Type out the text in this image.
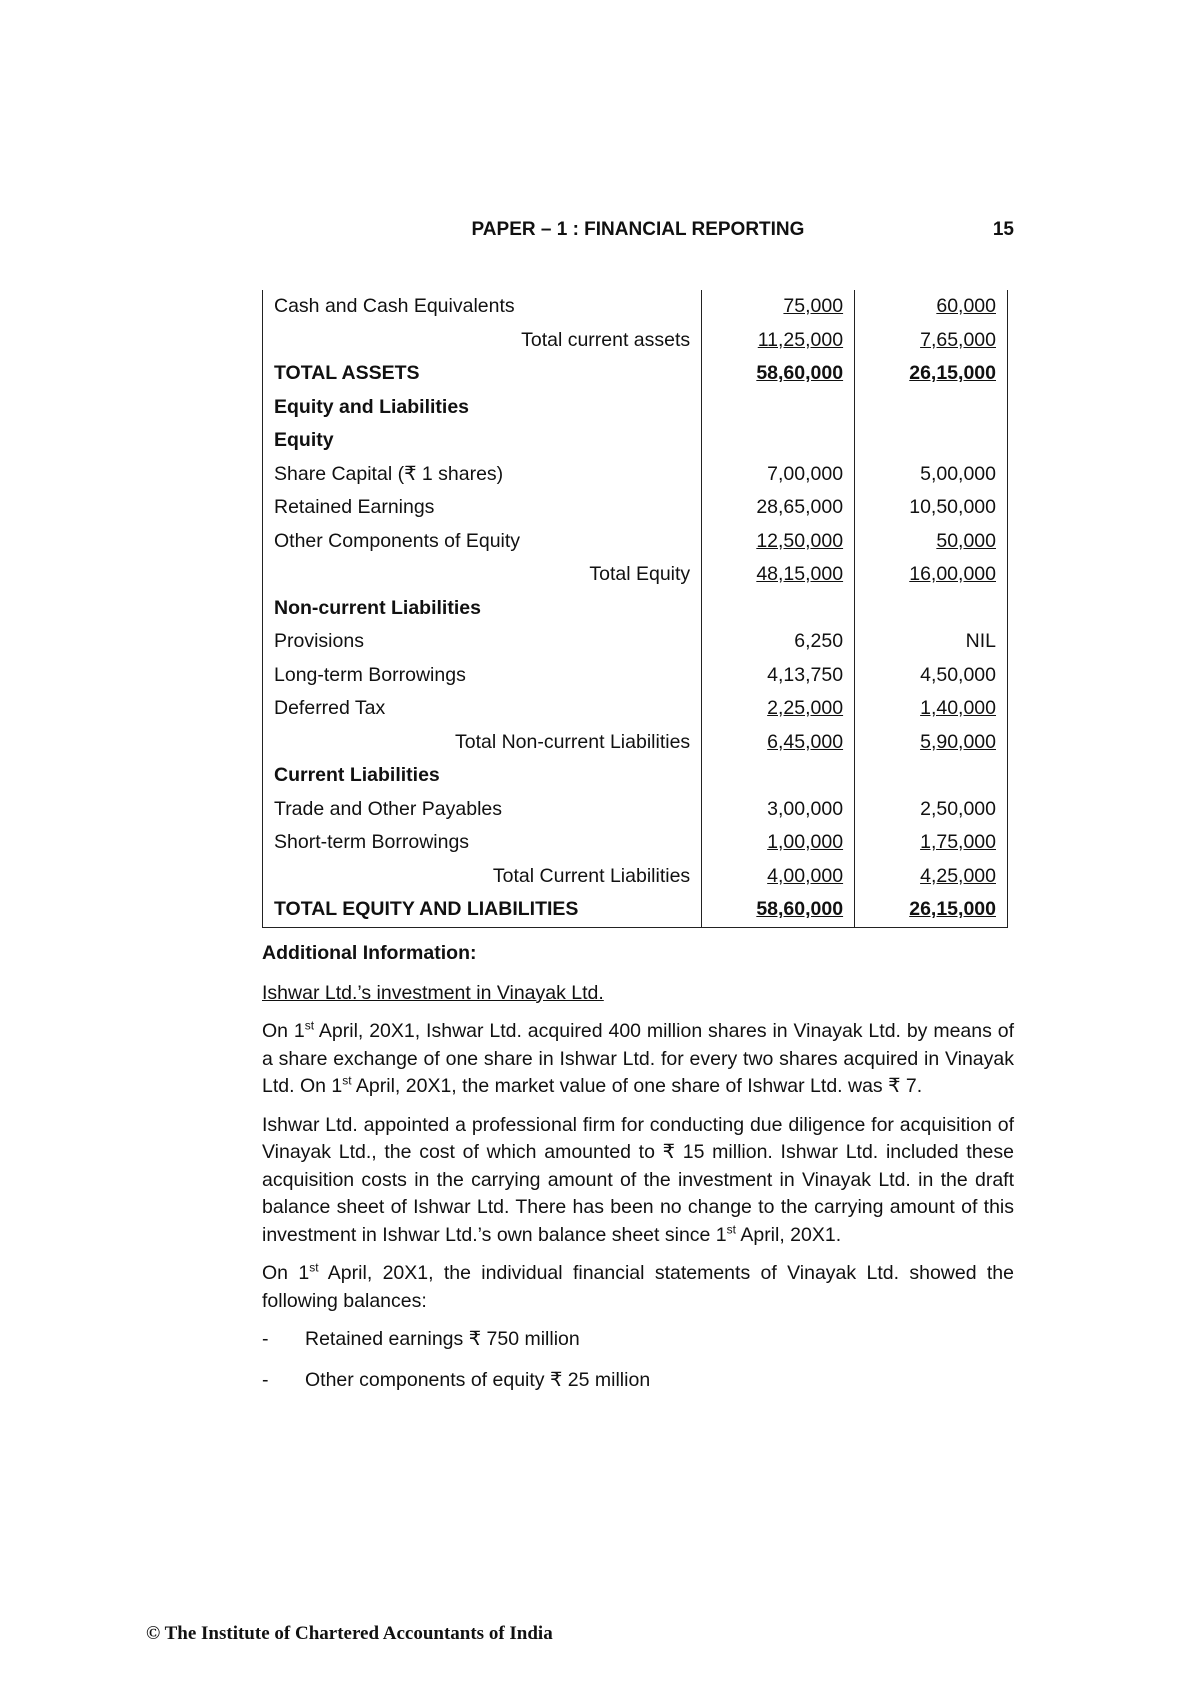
PAPER – 1 : FINANCIAL REPORTING	15
Cash and Cash Equivalents	75,000	60,000
Total current assets	11,25,000	7,65,000
TOTAL ASSETS	58,60,000	26,15,000
Equity and Liabilities		
Equity		
Share Capital (₹ 1 shares)	7,00,000	5,00,000
Retained Earnings	28,65,000	10,50,000
Other Components of Equity	12,50,000	50,000
Total Equity	48,15,000	16,00,000
Non-current Liabilities		
Provisions	6,250	NIL
Long-term Borrowings	4,13,750	4,50,000
Deferred Tax	2,25,000	1,40,000
Total Non-current Liabilities	6,45,000	5,90,000
Current Liabilities		
Trade and Other Payables	3,00,000	2,50,000
Short-term Borrowings	1,00,000	1,75,000
Total Current Liabilities	4,00,000	4,25,000
TOTAL EQUITY AND LIABILITIES	58,60,000	26,15,000

Additional Information:

Ishwar Ltd.’s investment in Vinayak Ltd.

On 1st April, 20X1, Ishwar Ltd. acquired 400 million shares in Vinayak Ltd. by means of a share exchange of one share in Ishwar Ltd. for every two shares acquired in Vinayak Ltd. On 1st April, 20X1, the market value of one share of Ishwar Ltd. was ₹ 7.

Ishwar Ltd. appointed a professional firm for conducting due diligence for acquisition of Vinayak Ltd., the cost of which amounted to ₹ 15 million. Ishwar Ltd. included these acquisition costs in the carrying amount of the investment in Vinayak Ltd. in the draft balance sheet of Ishwar Ltd. There has been no change to the carrying amount of this investment in Ishwar Ltd.’s own balance sheet since 1st April, 20X1.

On 1st April, 20X1, the individual financial statements of Vinayak Ltd. showed the following balances:

-	Retained earnings ₹ 750 million
-	Other components of equity ₹ 25 million
© The Institute of Chartered Accountants of India
